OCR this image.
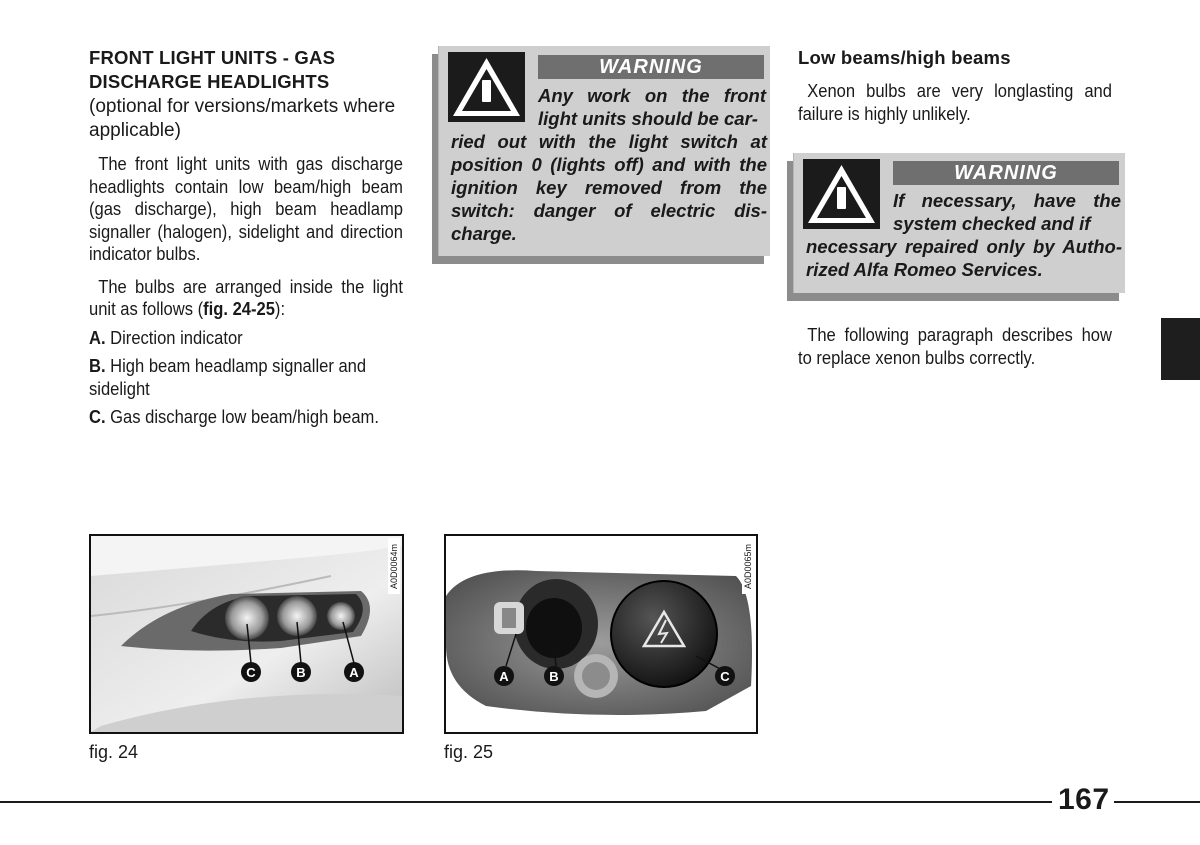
FRONT LIGHT UNITS - GAS
DISCHARGE HEADLIGHTS
(optional for versions/markets where applicable)
The front light units with gas discharge headlights contain low beam/high beam (gas discharge), high beam headlamp signaller (halogen), sidelight and direction indicator bulbs.
The bulbs are arranged inside the light unit as follows (fig. 24-25):
A. Direction indicator
B. High beam headlamp signaller and sidelight
C. Gas discharge low beam/high beam.
WARNING
Any work on the front light units should be car-
ried out with the light switch at position 0 (lights off) and with the ignition key removed from the switch: danger of electric dis-charge.
Low beams/high beams
Xenon bulbs are very longlasting and failure is highly unlikely.
The following paragraph describes how to replace xenon bulbs correctly.
WARNING
If necessary, have the system checked and if
necessary repaired only by Autho-rized Alfa Romeo Services.
C	B	A
A0D0064m
fig. 24
A	B	C
A0D0065m
fig. 25
167
